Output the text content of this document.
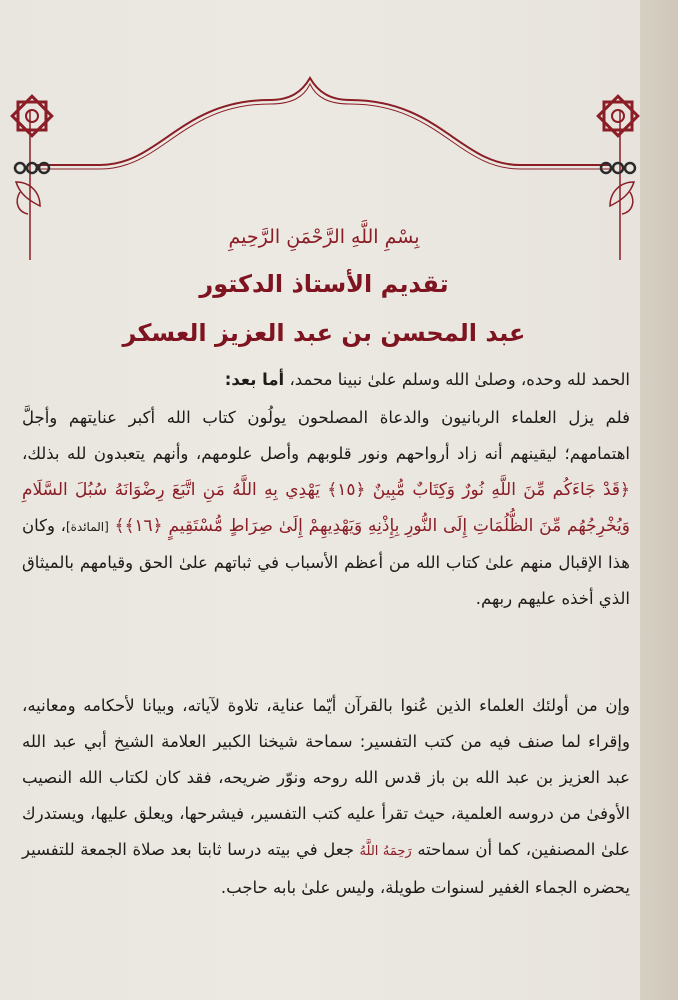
بِسْمِ اللَّهِ الرَّحْمَنِ الرَّحِيمِ
تقديم الأستاذ الدكتور
عبد المحسن بن عبد العزيز العسكر
الحمد لله وحده، وصلىٰ الله وسلم علىٰ نبينا محمد، أما بعد:
فلم يزل العلماء الربانيون والدعاة المصلحون يولُون كتاب الله أكبر عنايتهم وأجلَّ اهتمامهم؛ ليقينهم أنه زاد أرواحهم ونور قلوبهم وأصل علومهم، وأنهم يتعبدون لله بذلك، ﴿قَدْ جَاءَكُم مِّنَ اللَّهِ نُورٌ وَكِتَابٌ مُّبِينٌ ﴿١٥﴾ يَهْدِي بِهِ اللَّهُ مَنِ اتَّبَعَ رِضْوَانَهُ سُبُلَ السَّلَامِ وَيُخْرِجُهُم مِّنَ الظُّلُمَاتِ إِلَى النُّورِ بِإِذْنِهِ وَيَهْدِيهِمْ إِلَىٰ صِرَاطٍ مُّسْتَقِيمٍ ﴿١٦﴾﴾ [المائدة]، وكان هذا الإقبال منهم علىٰ كتاب الله من أعظم الأسباب في ثباتهم علىٰ الحق وقيامهم بالميثاق الذي أخذه عليهم ربهم.
وإن من أولئك العلماء الذين عُنوا بالقرآن أيّما عناية، تلاوة لآياته، وبيانا لأحكامه ومعانيه، وإقراء لما صنف فيه من كتب التفسير: سماحة شيخنا الكبير العلامة الشيخ أبي عبد الله عبد العزيز بن عبد الله بن باز قدس الله روحه ونوّر ضريحه، فقد كان لكتاب الله النصيب الأوفىٰ من دروسه العلمية، حيث تقرأ عليه كتب التفسير، فيشرحها، ويعلق عليها، ويستدرك علىٰ المصنفين، كما أن سماحته رَحِمَهُ اللَّهُ جعل في بيته درسا ثابتا بعد صلاة الجمعة للتفسير يحضره الجماء الغفير لسنوات طويلة، وليس علىٰ بابه حاجب.
